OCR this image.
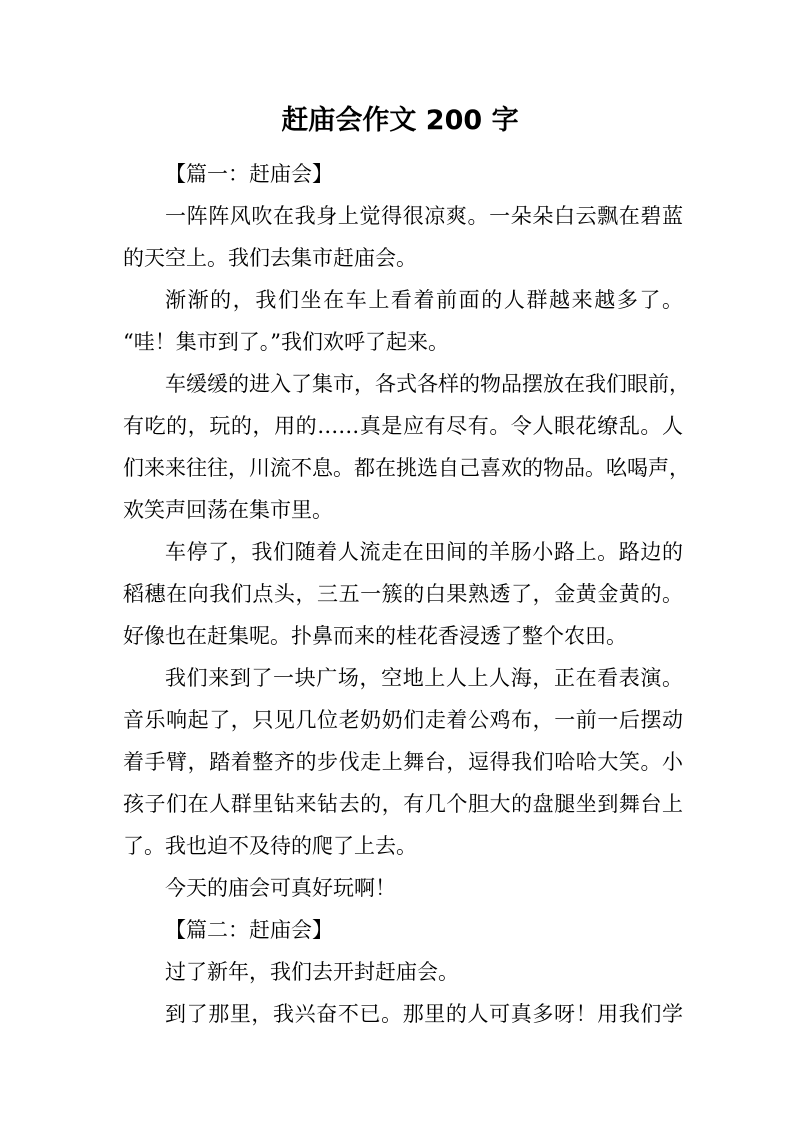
赶庙会作文 200 字
【篇一：赶庙会】
一阵阵风吹在我身上觉得很凉爽。一朵朵白云飘在碧蓝
的天空上。我们去集市赶庙会。
渐渐的，我们坐在车上看着前面的人群越来越多了。
“哇！集市到了。”我们欢呼了起来。
车缓缓的进入了集市，各式各样的物品摆放在我们眼前，
有吃的，玩的，用的……真是应有尽有。令人眼花缭乱。人
们来来往往，川流不息。都在挑选自己喜欢的物品。吆喝声，
欢笑声回荡在集市里。
车停了，我们随着人流走在田间的羊肠小路上。路边的
稻穗在向我们点头，三五一簇的白果熟透了，金黄金黄的。
好像也在赶集呢。扑鼻而来的桂花香浸透了整个农田。
我们来到了一块广场，空地上人上人海，正在看表演。
音乐响起了，只见几位老奶奶们走着公鸡布，一前一后摆动
着手臂，踏着整齐的步伐走上舞台，逗得我们哈哈大笑。小
孩子们在人群里钻来钻去的，有几个胆大的盘腿坐到舞台上
了。我也迫不及待的爬了上去。
今天的庙会可真好玩啊！
【篇二：赶庙会】
过了新年，我们去开封赶庙会。
到了那里，我兴奋不已。那里的人可真多呀！用我们学
